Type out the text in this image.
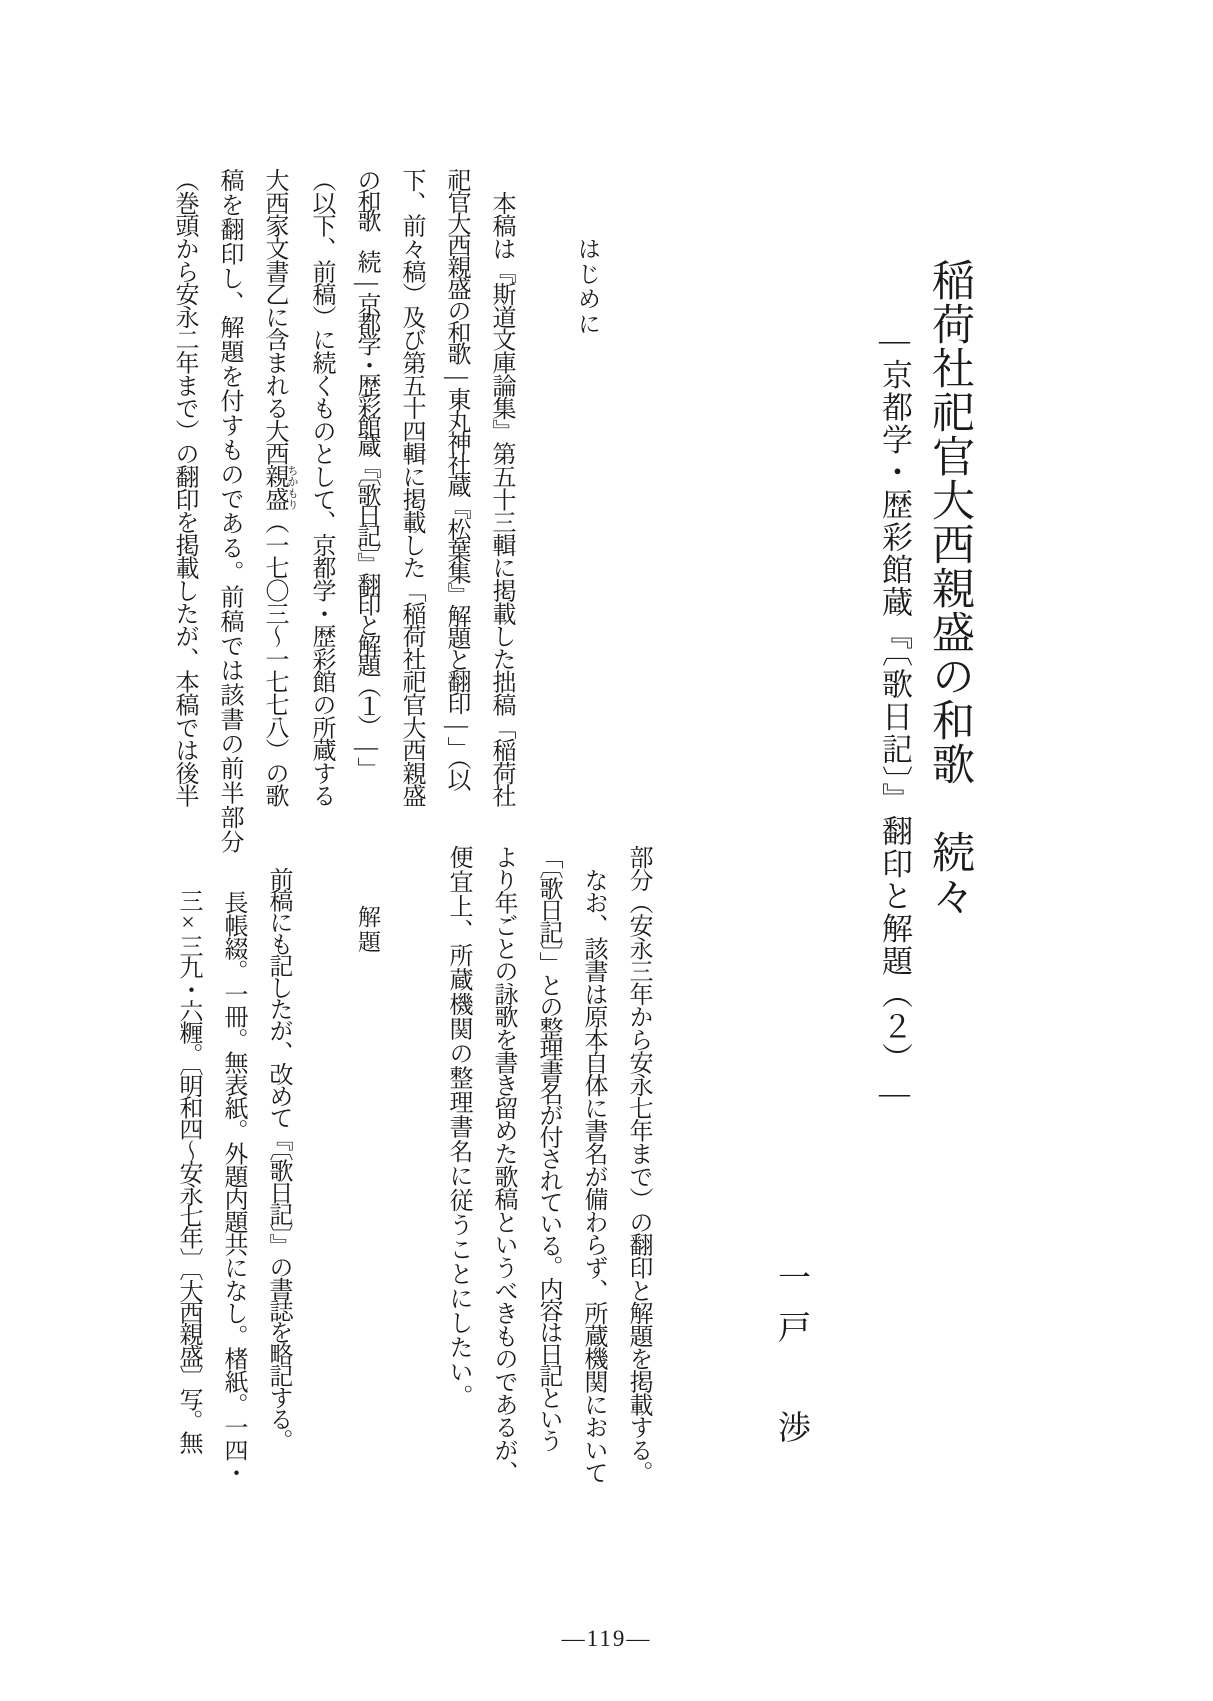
稲荷社祀官大西親盛の和歌　続々
―京都学・歴彩館蔵『〔歌日記〕』翻印と解題（２）―
一戸　渉
はじめに
　本稿は『斯道文庫論集』第五十三輯に掲載した拙稿「稲荷社
祀官大西親盛の和歌―東丸神社蔵『松葉集』解題と翻印―」（以
下、前々稿）及び第五十四輯に掲載した「稲荷社祀官大西親盛
の和歌　続―京都学・歴彩館蔵『〔歌日記〕』翻印と解題（１）―」
（以下、前稿）に続くものとして、京都学・歴彩館の所蔵する
大西家文書乙に含まれる大西親盛 ちかもり（一七〇三～一七七八）の歌
稿を翻印し、解題を付すものである。前稿では該書の前半部分
（巻頭から安永二年まで）の翻印を掲載したが、本稿では後半
部分（安永三年から安永七年まで）の翻印と解題を掲載する。
　なお、該書は原本自体に書名が備わらず、所蔵機関において
「〔歌日記〕」との整理書名が付されている。内容は日記という
より年ごとの詠歌を書き留めた歌稿というべきものであるが、
便宜上、所蔵機関の整理書名に従うことにしたい。
解題
　前稿にも記したが、改めて『〔歌日記〕』の書誌を略記する。
　　長帳綴。一冊。無表紙。外題内題共になし。楮紙。一四・
　　三×三九・六糎。〔明和四～安永七年〕〔大西親盛〕写。無
—119—
